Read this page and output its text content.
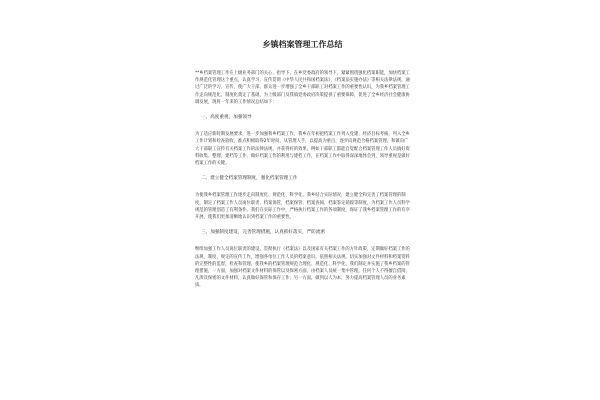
乡镇档案管理工作总结
**乡档案管理工作在上级业务部门的关心、指导下，在乡党委政府的领导下，紧紧围绕强化档案职能，加快档案工作规范化管理这个重点，认真学习、宣传贯彻《中华人民共和国档案法》、《档案法实施办法》等相关法律法规，通过广泛的学习、宣传，使广大干部、群众进一步增强了全乡干部职工对档案工作的重要性认识，为我乡档案管理工作走向规范化、制度化奠定了基础，为上级部门及我镇党委政府决策提供了重要保障，促进了全乡经济社会健康协调发展，现将一年来的工作情况总结如下：
一、高度重视，加强领导
为了适应新时期发展要求，进一步加强我乡档案工作，我乡在年初把档案工作列入党建、经济目标考核，列入全乡工作计划和检查验收，准点积极取得2年时间，从管理人手，以提高为重点，逐步向规范合格档案管理，和镇向广大干部职工宣传有关档案工作的法律法规，并获得好的效果，例如干部职工都能自觉配合档案管理工作人员搞好资料收集、整理、建档等工作，做好档案工作的利用与建档工作，在档案工作中取得深深地体会到，领导重视是做好档案工作的关键。
二、建立健全档案管理制度，强化档案管理工作
为使我乡档案管理工作逐步走向制度化、规范化、科学化，我乡结合实际情况，建立健全和完善了档案管理的制度，制定了档案工作人员岗位职责、档案保管、档案保管、档案查阅、档案鉴定销毁等制度，为档案工作人员科学规范的管理创造了有利条件。我们在实际工作中，严格执行档案工作的各项制度，保证了我乡档案管理工作的有序开展，使我们更加清晰地认识到档案工作的重要性。
三、加强制度建设，完善管理措施，认真抓好落实，严防流密
继续加强工作人员岗位职责的建设，贯彻执行《档案法》以及国家有关档案工作的方针政策，定期做好档案工作的法规、制度、规定的宣传工作，增强各单位工作人员的档案意识，依照相关法规，切实加强对文件材料和档案资料的完整性的监督，检查和管理，使我乡的档案管理规范合理化、规范化、科学化，我们制定并实施了我乡档案的管理措施，一方面，加强对档案文件材料的保管以及保密方面，由档案人员统一集中管理，任何个人不得擅自借阅，凡涉及保密的文件材料，认真做好保管和保存工作；另一方面，做到以人为本，努力提高档案管理人员的业务素质，
